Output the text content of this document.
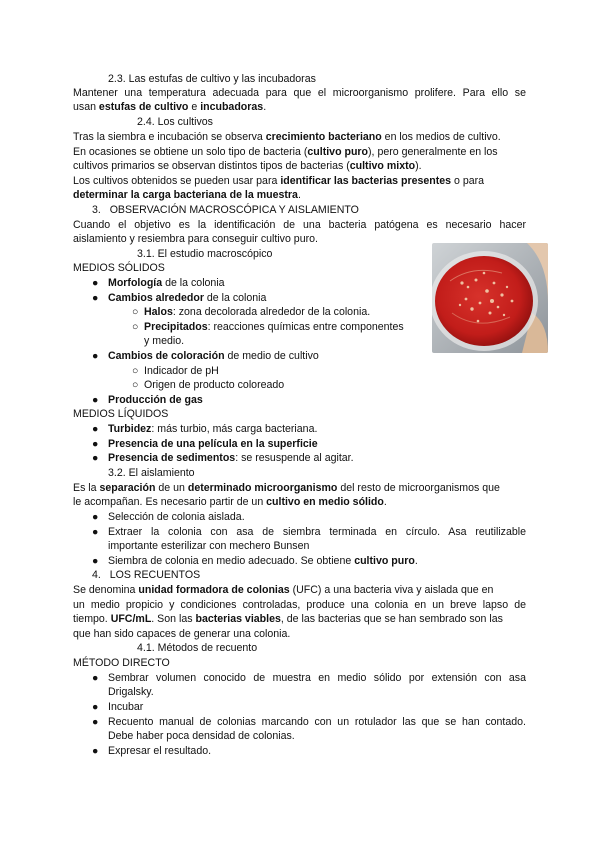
2.3. Las estufas de cultivo y las incubadoras
Mantener una temperatura adecuada para que el microorganismo prolifere. Para ello se
usan estufas de cultivo e incubadoras.
2.4. Los cultivos
Tras la siembra e incubación se observa crecimiento bacteriano en los medios de cultivo.
En ocasiones se obtiene un solo tipo de bacteria (cultivo puro), pero generalmente en los
cultivos primarios se observan distintos tipos de bacterias (cultivo mixto).
Los cultivos obtenidos se pueden usar para identificar las bacterias presentes o para
determinar la carga bacteriana de la muestra.
3. OBSERVACIÓN MACROSCÓPICA Y AISLAMIENTO
Cuando el objetivo es la identificación de una bacteria patógena es necesario hacer
aislamiento y resiembra para conseguir cultivo puro.
3.1. El estudio macroscópico
MEDIOS SÓLIDOS
● Morfología de la colonia
● Cambios alrededor de la colonia
○ Halos: zona decolorada alrededor de la colonia.
○ Precipitados: reacciones químicas entre componentes
y medio.
● Cambios de coloración de medio de cultivo
○ Indicador de pH
○ Origen de producto coloreado
● Producción de gas
MEDIOS LÍQUIDOS
● Turbidez: más turbio, más carga bacteriana.
● Presencia de una película en la superficie
● Presencia de sedimentos: se resuspende al agitar.
3.2. El aislamiento
Es la separación de un determinado microorganismo del resto de microorganismos que
le acompañan. Es necesario partir de un cultivo en medio sólido.
● Selección de colonia aislada.
● Extraer la colonia con asa de siembra terminada en círculo. Asa reutilizable
importante esterilizar con mechero Bunsen
● Siembra de colonia en medio adecuado. Se obtiene cultivo puro.
4. LOS RECUENTOS
Se denomina unidad formadora de colonias (UFC) a una bacteria viva y aislada que en
un medio propicio y condiciones controladas, produce una colonia en un breve lapso de
tiempo. UFC/mL. Son las bacterias viables, de las bacterias que se han sembrado son las
que han sido capaces de generar una colonia.
4.1. Métodos de recuento
MÉTODO DIRECTO
● Sembrar volumen conocido de muestra en medio sólido por extensión con asa
Drigalsky.
● Incubar
● Recuento manual de colonias marcando con un rotulador las que se han contado.
Debe haber poca densidad de colonias.
● Expresar el resultado.
